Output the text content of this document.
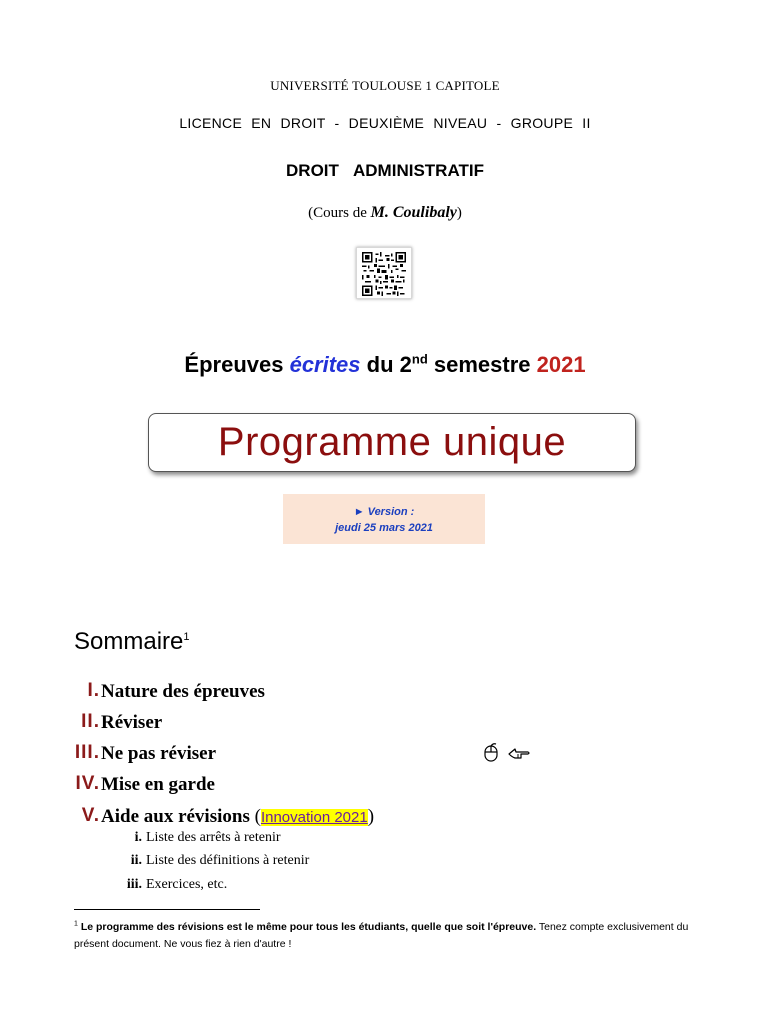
UNIVERSITÉ TOULOUSE 1 CAPITOLE
LICENCE EN DROIT - DEUXIÈME NIVEAU - GROUPE II
DROIT ADMINISTRATIF
(Cours de M. Coulibaly)
Épreuves écrites du 2nd semestre 2021
Programme unique
► Version :
jeudi 25 mars 2021
Sommaire$^1$
I. Nature des épreuves
II. Réviser
III. Ne pas réviser
IV. Mise en garde
V. Aide aux révisions (Innovation 2021)
i. Liste des arrêts à retenir
ii. Liste des définitions à retenir
iii. Exercices, etc.
$^1$ Le programme des révisions est le même pour tous les étudiants, quelle que soit l'épreuve. Tenez compte exclusivement du présent document. Ne vous fiez à rien d'autre !
